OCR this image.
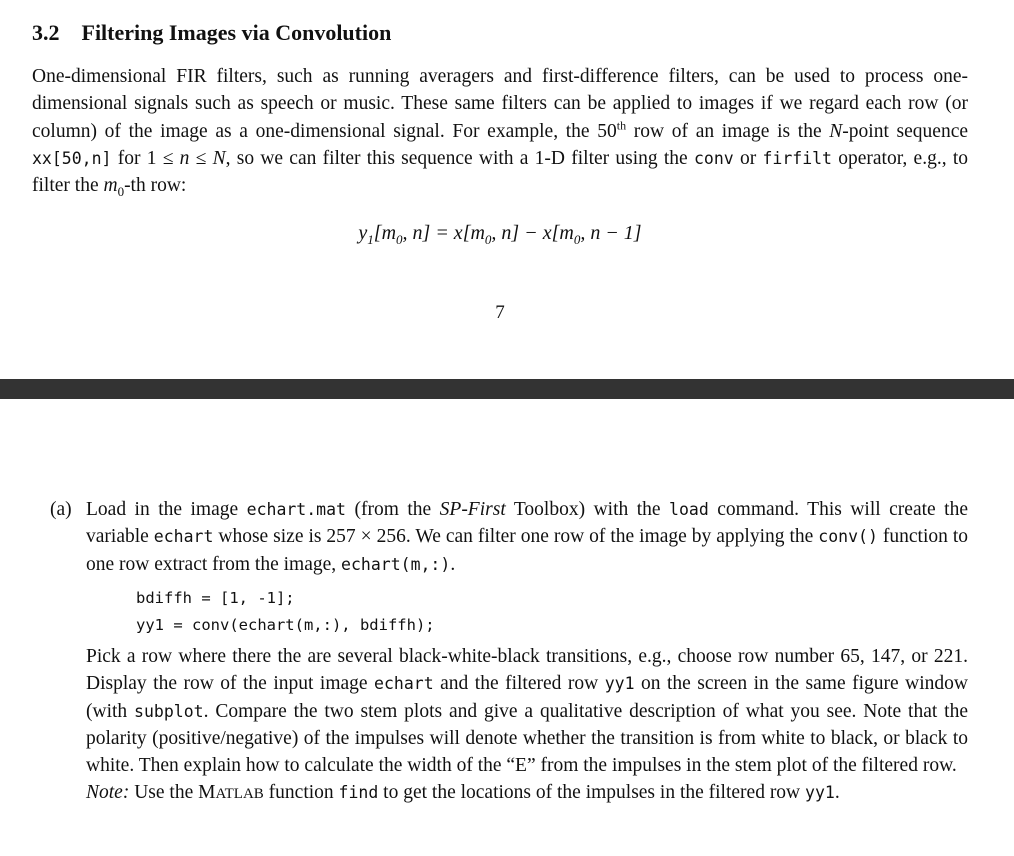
3.2 Filtering Images via Convolution

One-dimensional FIR filters, such as running averagers and first-difference filters, can be used to process one-dimensional signals such as speech or music. These same filters can be applied to images if we regard each row (or column) of the image as a one-dimensional signal. For example, the 50th row of an image is the N-point sequence xx[50,n] for 1 ≤ n ≤ N, so we can filter this sequence with a 1-D filter using the conv or firfilt operator, e.g., to filter the $m_0-th$ row:

$y_1[m_0$, $n] = x[m_0$, $n] - x[m_0$, n − 1]
7
(a) Load in the image echart.mat (from the SP-First Toolbox) with the load command. This will create the variable echart whose size is 257 × 256. We can filter one row of the image by applying the conv() function to one row extract from the image, echart(m,:).

bdiffh = [1, -1];
yy1 = conv(echart(m,:), bdiffh);

Pick a row where there the are several black-white-black transitions, e.g., choose row number 65, 147, or 221. Display the row of the input image echart and the filtered row yy1 on the screen in the same figure window (with subplot. Compare the two stem plots and give a qualitative description of what you see. Note that the polarity (positive/negative) of the impulses will denote whether the transition is from white to black, or black to white. Then explain how to calculate the width of the “E” from the impulses in the stem plot of the filtered row.
Note: Use the MATLAB function find to get the locations of the impulses in the filtered row yy1.
